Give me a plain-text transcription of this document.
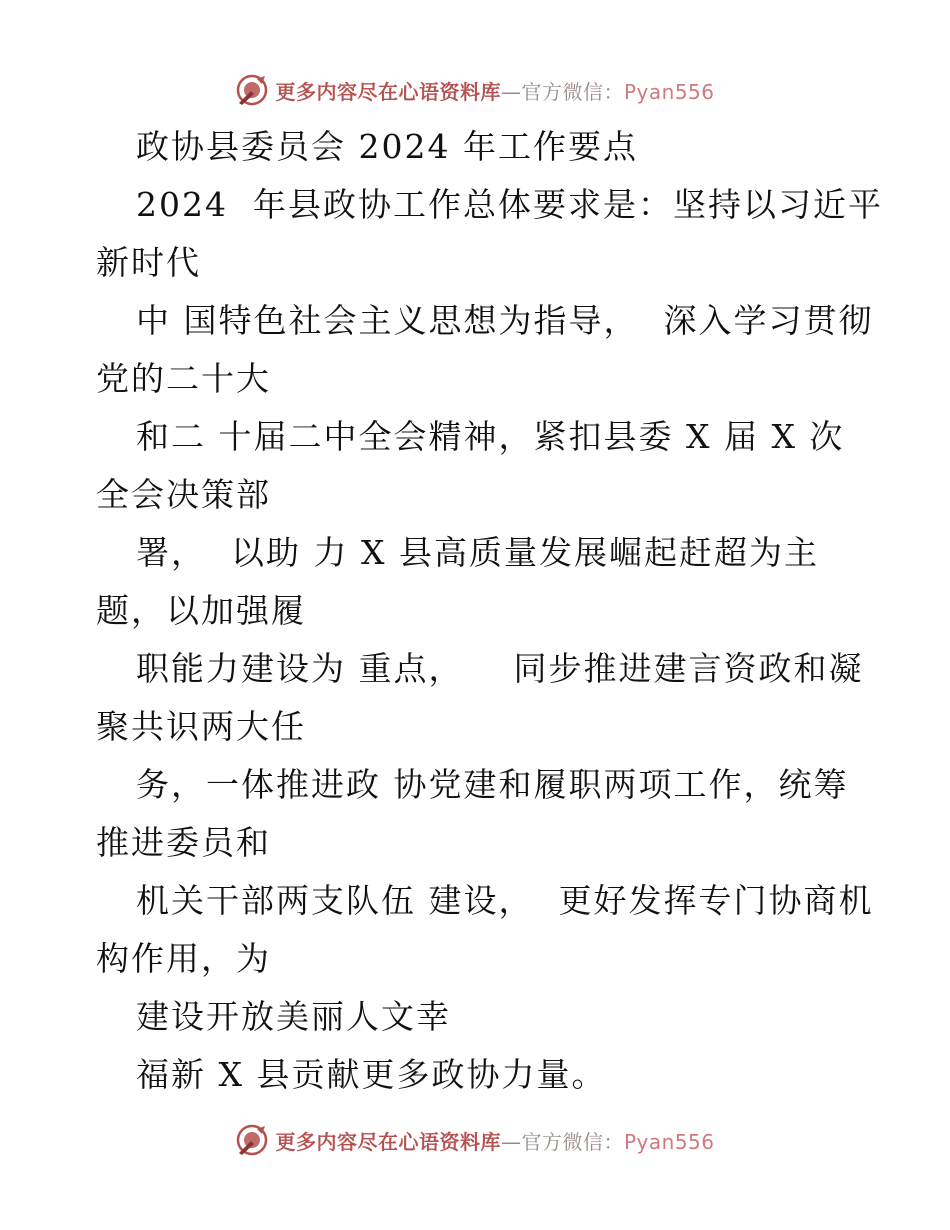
更多内容尽在心语资料库—官方微信：Pyan556
政协县委员会 2024 年工作要点
2024  年县政协工作总体要求是：坚持以习近平
新时代
中 国特色社会主义思想为指导，  深入学习贯彻
党的二十大
和二 十届二中全会精神，紧扣县委 X 届 X 次
全会决策部
署，  以助 力 X 县高质量发展崛起赶超为主
题，以加强履
职能力建设为 重点，    同步推进建言资政和凝
聚共识两大任
务，一体推进政 协党建和履职两项工作，统筹
推进委员和
机关干部两支队伍 建设，  更好发挥专门协商机
构作用，为
建设开放美丽人文幸
福新 X 县贡献更多政协力量。
更多内容尽在心语资料库—官方微信：Pyan556
